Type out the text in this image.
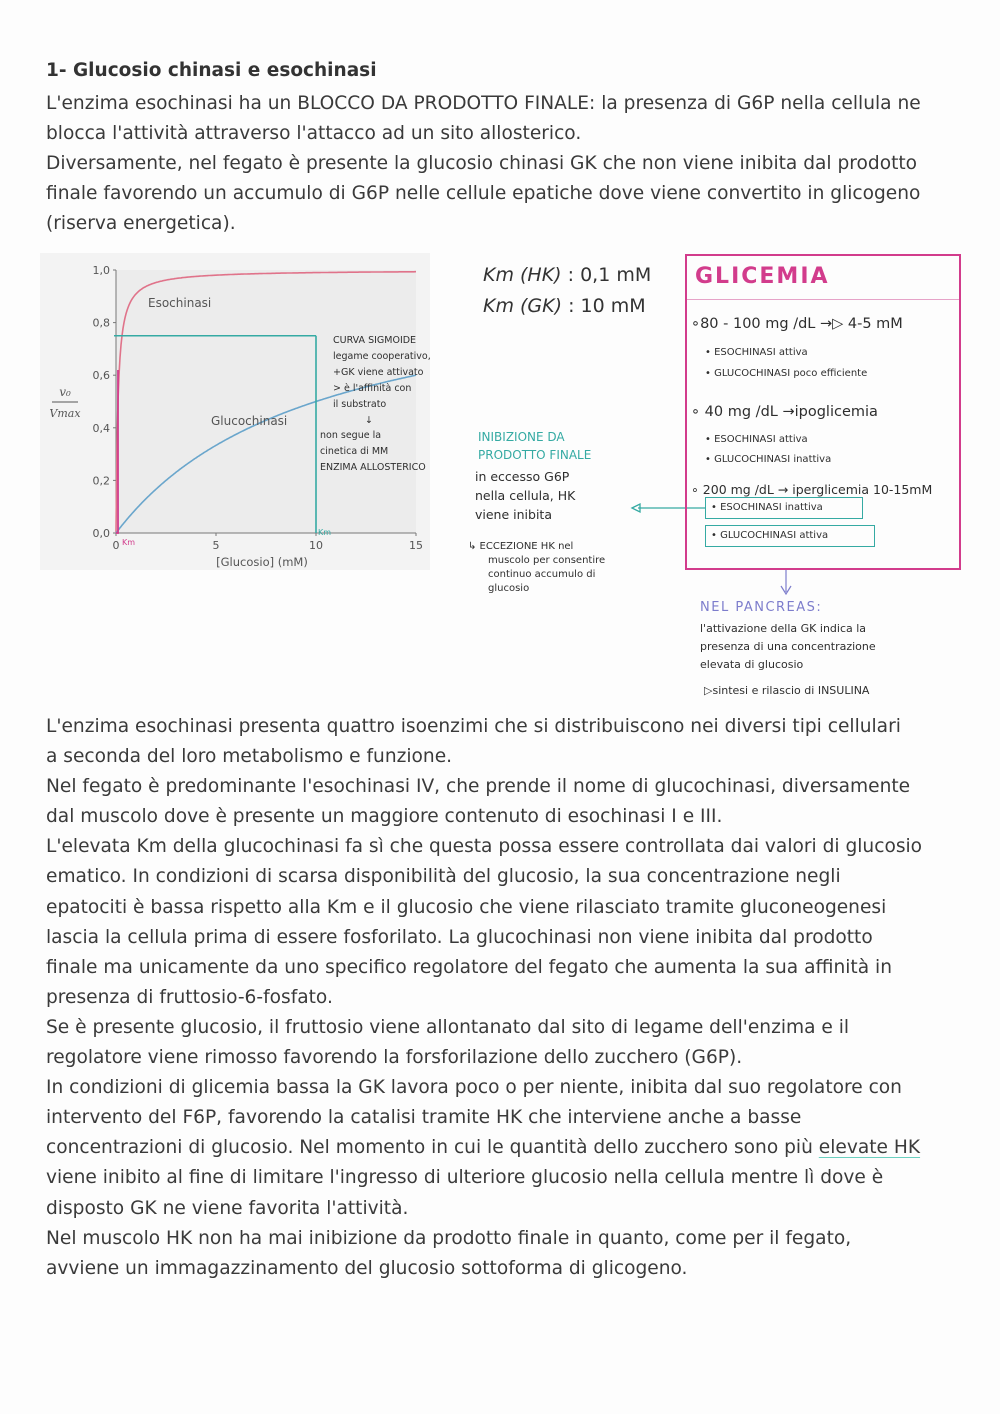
1- Glucosio chinasi e esochinasi

L'enzima esochinasi ha un BLOCCO DA PRODOTTO FINALE: la presenza di G6P nella cellula ne
blocca l'attività attraverso l'attacco ad un sito allosterico.
Diversamente, nel fegato è presente la glucosio chinasi GK che non viene inibita dal prodotto
finale favorendo un accumulo di G6P nelle cellule epatiche dove viene convertito in glicogeno
(riserva energetica).

0,0
0,2
0,4
0,6
0,8
1,0
0	5	10	15
Esochinasi
Glucochinasi
[Glucosio] (mM)
v₀
Vmax
Km
Km
CURVA SIGMOIDE
legame cooperativo,
+GK viene attivato
> è l'affinità con
il substrato
↓
non segue la
cinetica di MM
ENZIMA ALLOSTERICO
Km (HK) : 0,1 mM
Km (GK) : 10 mM
INIBIZIONE DA
PRODOTTO FINALE
in eccesso G6P
nella cellula, HK
viene inibita
↳ ECCEZIONE HK nel
muscolo per consentire
continuo accumulo di
glucosio
GLICEMIA
∘80 - 100 mg /dL →▷ 4-5 mM
• ESOCHINASI attiva
• GLUCOCHINASI poco efficiente
∘ 40 mg /dL →ipoglicemia
• ESOCHINASI attiva
• GLUCOCHINASI inattiva
∘ 200 mg /dL → iperglicemia 10-15mM
• ESOCHINASI inattiva
• GLUCOCHINASI attiva
NEL PANCREAS:
l'attivazione della GK indica la
presenza di una concentrazione
elevata di glucosio
▷sintesi e rilascio di INSULINA

L'enzima esochinasi presenta quattro isoenzimi che si distribuiscono nei diversi tipi cellulari
a seconda del loro metabolismo e funzione.
Nel fegato è predominante l'esochinasi IV, che prende il nome di glucochinasi, diversamente
dal muscolo dove è presente un maggiore contenuto di esochinasi I e III.
L'elevata Km della glucochinasi fa sì che questa possa essere controllata dai valori di glucosio
ematico. In condizioni di scarsa disponibilità del glucosio, la sua concentrazione negli
epatociti è bassa rispetto alla Km e il glucosio che viene rilasciato tramite gluconeogenesi
lascia la cellula prima di essere fosforilato. La glucochinasi non viene inibita dal prodotto
finale ma unicamente da uno specifico regolatore del fegato che aumenta la sua affinità in
presenza di fruttosio-6-fosfato.
Se è presente glucosio, il fruttosio viene allontanato dal sito di legame dell'enzima e il
regolatore viene rimosso favorendo la forsforilazione dello zucchero (G6P).
In condizioni di glicemia bassa la GK lavora poco o per niente, inibita dal suo regolatore con
intervento del F6P, favorendo la catalisi tramite HK che interviene anche a basse
concentrazioni di glucosio. Nel momento in cui le quantità dello zucchero sono più elevate HK
viene inibito al fine di limitare l'ingresso di ulteriore glucosio nella cellula mentre lì dove è
disposto GK ne viene favorita l'attività.
Nel muscolo HK non ha mai inibizione da prodotto finale in quanto, come per il fegato,
avviene un immagazzinamento del glucosio sottoforma di glicogeno.
